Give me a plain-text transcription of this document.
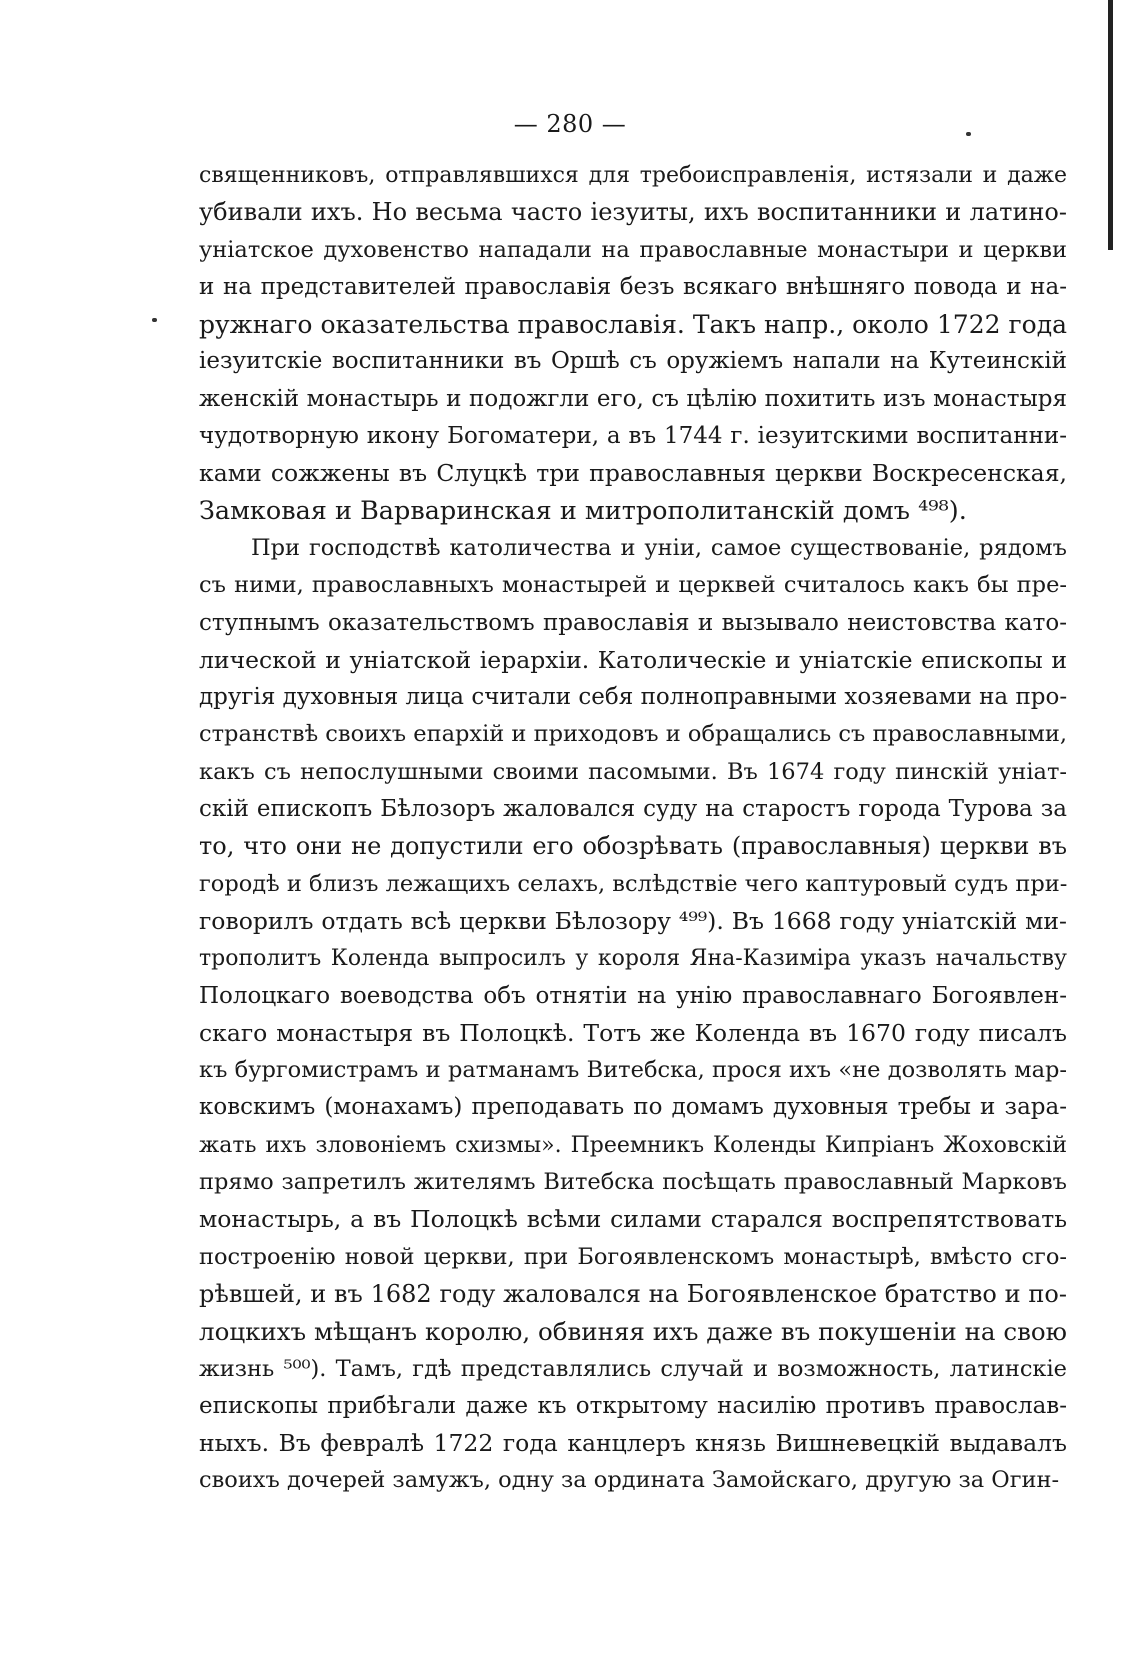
— 280 —
священниковъ, отправлявшихся для требоисправленія, истязали и даже
убивали ихъ. Но весьма часто іезуиты, ихъ воспитанники и латино-
уніатское духовенство нападали на православные монастыри и церкви
и на представителей православія безъ всякаго внѣшняго повода и на-
ружнаго оказательства православія. Такъ напр., около 1722 года
іезуитскіе воспитанники въ Оршѣ съ оружіемъ напали на Кутеинскій
женскій монастырь и подожгли его, съ цѣлію похитить изъ монастыря
чудотворную икону Богоматери, а въ 1744 г. іезуитскими воспитанни-
ками сожжены въ Слуцкѣ три православныя церкви Воскресенская,
Замковая и Варваринская и митрополитанскій домъ ⁴⁹⁸).
При господствѣ католичества и уніи, самое существованіе, рядомъ
съ ними, православныхъ монастырей и церквей считалось какъ бы пре-
ступнымъ оказательствомъ православія и вызывало неистовства като-
лической и уніатской іерархіи. Католическіе и уніатскіе епископы и
другія духовныя лица считали себя полноправными хозяевами на про-
странствѣ своихъ епархій и приходовъ и обращались съ православными,
какъ съ непослушными своими пасомыми. Въ 1674 году пинскій уніат-
скій епископъ Бѣлозоръ жаловался суду на старостъ города Турова за
то, что они не допустили его обозрѣвать (православныя) церкви въ
городѣ и близъ лежащихъ селахъ, вслѣдствіе чего каптуровый судъ при-
говорилъ отдать всѣ церкви Бѣлозору ⁴⁹⁹). Въ 1668 году уніатскій ми-
трополитъ Коленда выпросилъ у короля Яна-Казиміра указъ начальству
Полоцкаго воеводства объ отнятіи на унію православнаго Богоявлен-
скаго монастыря въ Полоцкѣ. Тотъ же Коленда въ 1670 году писалъ
къ бургомистрамъ и ратманамъ Витебска, прося ихъ «не дозволять мар-
ковскимъ (монахамъ) преподавать по домамъ духовныя требы и зара-
жать ихъ зловоніемъ схизмы». Преемникъ Коленды Кипріанъ Жоховскій
прямо запретилъ жителямъ Витебска посѣщать православный Марковъ
монастырь, а въ Полоцкѣ всѣми силами старался воспрепятствовать
построенію новой церкви, при Богоявленскомъ монастырѣ, вмѣсто сго-
рѣвшей, и въ 1682 году жаловался на Богоявленское братство и по-
лоцкихъ мѣщанъ королю, обвиняя ихъ даже въ покушеніи на свою
жизнь ⁵⁰⁰). Тамъ, гдѣ представлялись случай и возможность, латинскіе
епископы прибѣгали даже къ открытому насилію противъ православ-
ныхъ. Въ февралѣ 1722 года канцлеръ князь Вишневецкій выдавалъ
своихъ дочерей замужъ, одну за ордината Замойскаго, другую за Огин-
